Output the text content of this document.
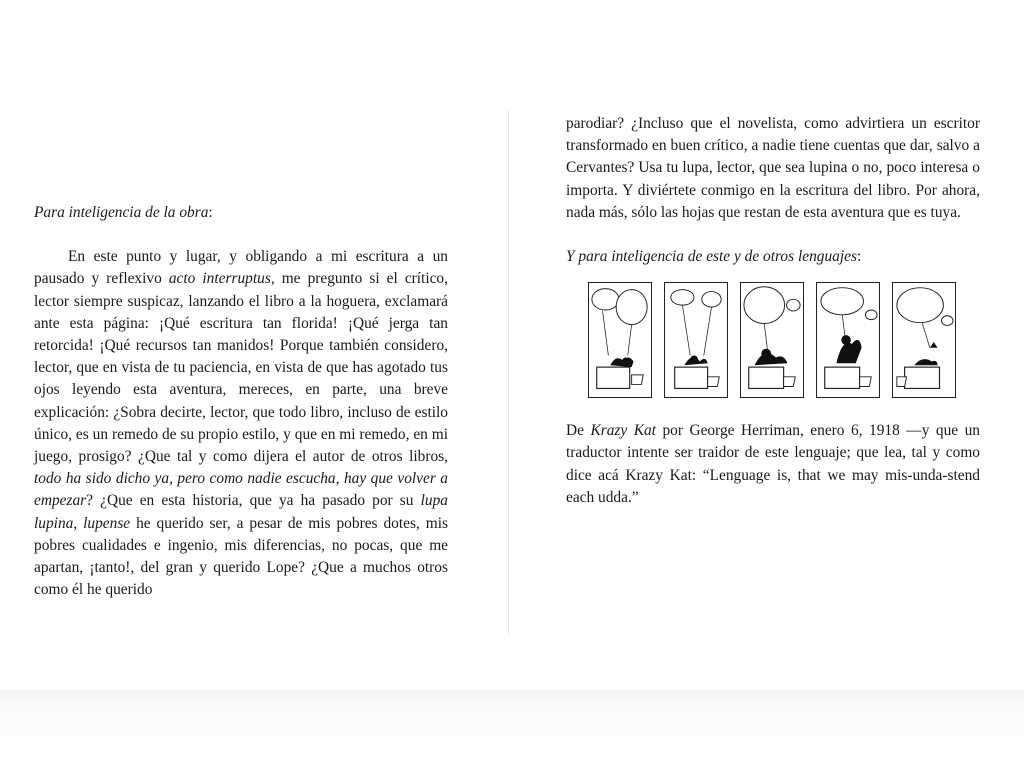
Para inteligencia de la obra:

En este punto y lugar, y obligando a mi escritura a un pausado y reflexivo acto interruptus, me pregunto si el crítico, lector siempre suspicaz, lanzando el libro a la hoguera, exclamará ante esta página: ¡Qué escritura tan florida! ¡Qué jerga tan retorcida! ¡Qué recursos tan manidos! Porque también considero, lector, que en vista de tu paciencia, en vista de que has agotado tus ojos leyendo esta aventura, mereces, en parte, una breve explicación: ¿Sobra decirte, lector, que todo libro, incluso de estilo único, es un remedo de su propio estilo, y que en mi remedo, en mi juego, prosigo? ¿Que tal y como dijera el autor de otros libros, todo ha sido dicho ya, pero como nadie escucha, hay que volver a empezar? ¿Que en esta historia, que ya ha pasado por su lupa lupina, lupense he querido ser, a pesar de mis pobres dotes, mis pobres cualidades e ingenio, mis diferencias, no pocas, que me apartan, ¡tanto!, del gran y querido Lope? ¿Que a muchos otros como él he querido

parodiar? ¿Incluso que el novelista, como advirtiera un escritor transformado en buen crítico, a nadie tiene cuentas que dar, salvo a Cervantes? Usa tu lupa, lector, que sea lupina o no, poco interesa o importa. Y diviértete conmigo en la escritura del libro. Por ahora, nada más, sólo las hojas que restan de esta aventura que es tuya.

Y para inteligencia de este y de otros lenguajes:

De Krazy Kat por George Herriman, enero 6, 1918 —y que un traductor intente ser traidor de este lenguaje; que lea, tal y como dice acá Krazy Kat: “Lenguage is, that we may mis-unda-stend each udda.”
